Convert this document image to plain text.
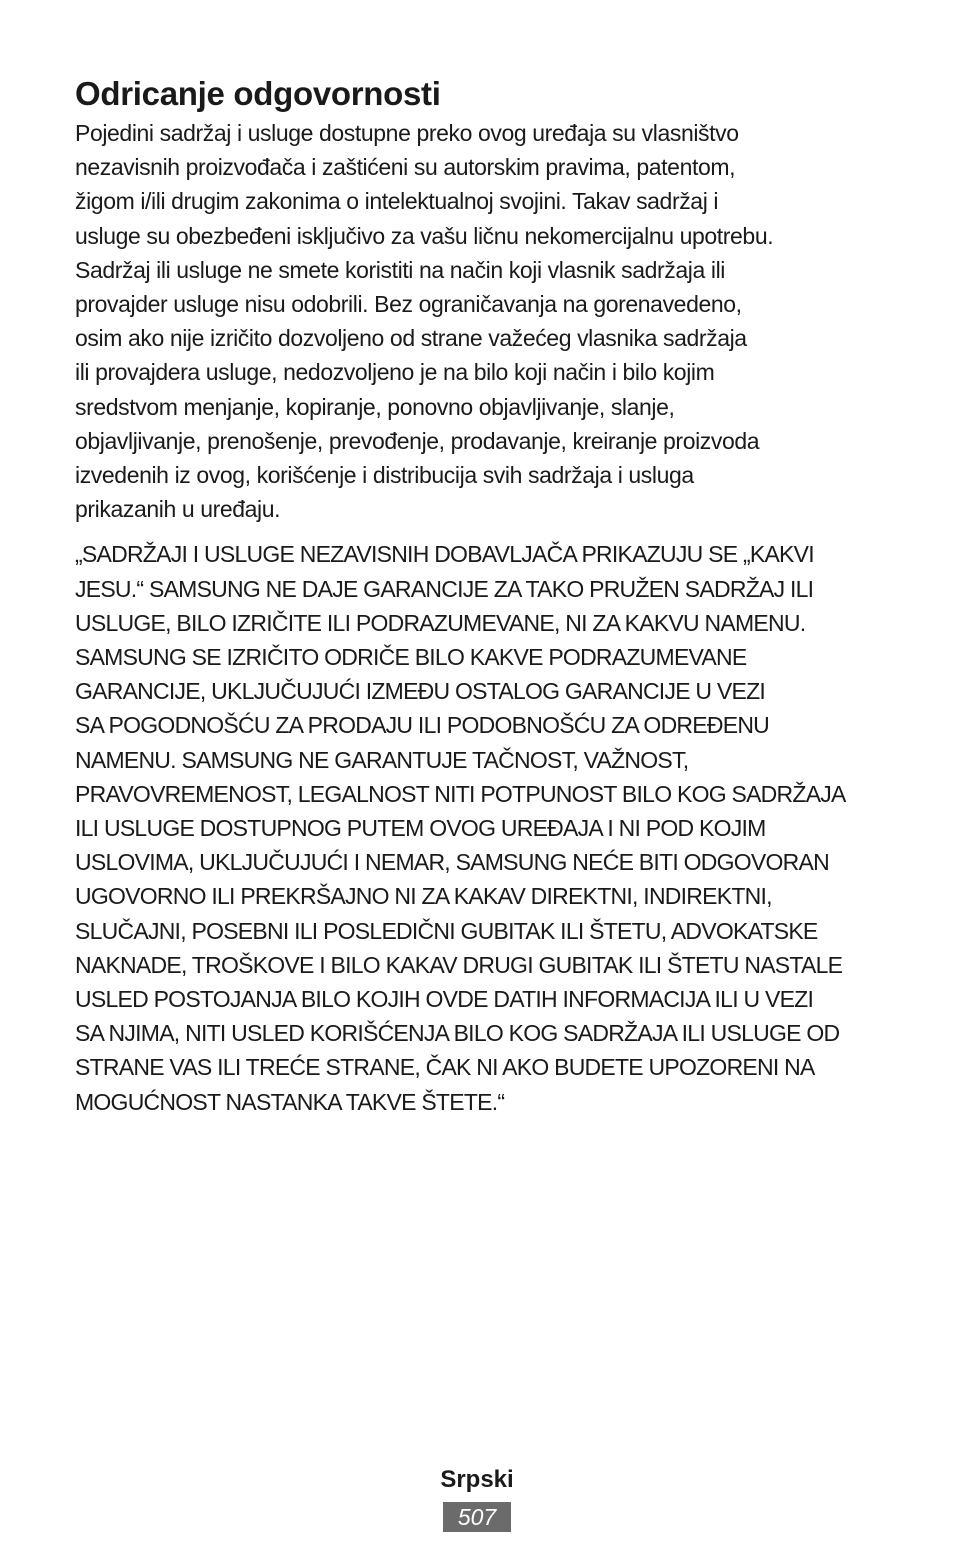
Odricanje odgovornosti

Pojedini sadržaj i usluge dostupne preko ovog uređaja su vlasništvo
nezavisnih proizvođača i zaštićeni su autorskim pravima, patentom,
žigom i/ili drugim zakonima o intelektualnoj svojini. Takav sadržaj i
usluge su obezbeđeni isključivo za vašu ličnu nekomercijalnu upotrebu.
Sadržaj ili usluge ne smete koristiti na način koji vlasnik sadržaja ili
provajder usluge nisu odobrili. Bez ograničavanja na gorenavedeno,
osim ako nije izričito dozvoljeno od strane važećeg vlasnika sadržaja
ili provajdera usluge, nedozvoljeno je na bilo koji način i bilo kojim
sredstvom menjanje, kopiranje, ponovno objavljivanje, slanje,
objavljivanje, prenošenje, prevođenje, prodavanje, kreiranje proizvoda
izvedenih iz ovog, korišćenje i distribucija svih sadržaja i usluga
prikazanih u uređaju.

„SADRŽAJI I USLUGE NEZAVISNIH DOBAVLJAČA PRIKAZUJU SE „KAKVI
JESU.“ SAMSUNG NE DAJE GARANCIJE ZA TAKO PRUŽEN SADRŽAJ ILI
USLUGE, BILO IZRIČITE ILI PODRAZUMEVANE, NI ZA KAKVU NAMENU.
SAMSUNG SE IZRIČITO ODRIČE BILO KAKVE PODRAZUMEVANE
GARANCIJE, UKLJUČUJUĆI IZMEĐU OSTALOG GARANCIJE U VEZI
SA POGODNOŠĆU ZA PRODAJU ILI PODOBNOŠĆU ZA ODREĐENU
NAMENU. SAMSUNG NE GARANTUJE TAČNOST, VAŽNOST,
PRAVOVREMENOST, LEGALNOST NITI POTPUNOST BILO KOG SADRŽAJA
ILI USLUGE DOSTUPNOG PUTEM OVOG UREĐAJA I NI POD KOJIM
USLOVIMA, UKLJUČUJUĆI I NEMAR, SAMSUNG NEĆE BITI ODGOVORAN
UGOVORNO ILI PREKRŠAJNO NI ZA KAKAV DIREKTNI, INDIREKTNI,
SLUČAJNI, POSEBNI ILI POSLEDIČNI GUBITAK ILI ŠTETU, ADVOKATSKE
NAKNADE, TROŠKOVE I BILO KAKAV DRUGI GUBITAK ILI ŠTETU NASTALE
USLED POSTOJANJA BILO KOJIH OVDE DATIH INFORMACIJA ILI U VEZI
SA NJIMA, NITI USLED KORIŠĆENJA BILO KOG SADRŽAJA ILI USLUGE OD
STRANE VAS ILI TREĆE STRANE, ČAK NI AKO BUDETE UPOZORENI NA
MOGUĆNOST NASTANKA TAKVE ŠTETE.“

Srpski
507
